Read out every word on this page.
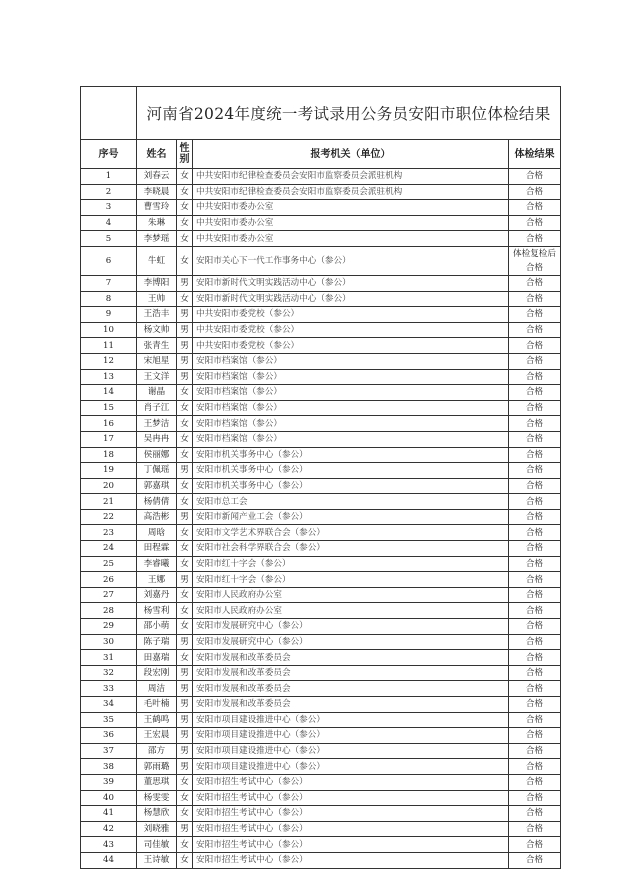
	河南省2024年度统一考试录用公务员安阳市职位体检结果			
序号	姓名	性别	报考机关（单位）	体检结果
1	刘春云	女	中共安阳市纪律检查委员会安阳市监察委员会派驻机构	合格
2	李晓晨	女	中共安阳市纪律检查委员会安阳市监察委员会派驻机构	合格
3	曹雪玲	女	中共安阳市委办公室	合格
4	朱琳	女	中共安阳市委办公室	合格
5	李梦瑶	女	中共安阳市委办公室	合格
6	牛虹	女	安阳市关心下一代工作事务中心（参公）	体检复检后合格
7	李博阳	男	安阳市新时代文明实践活动中心（参公）	合格
8	王帅	女	安阳市新时代文明实践活动中心（参公）	合格
9	王浩丰	男	中共安阳市委党校（参公）	合格
10	杨文帅	男	中共安阳市委党校（参公）	合格
11	张青生	男	中共安阳市委党校（参公）	合格
12	宋旭星	男	安阳市档案馆（参公）	合格
13	王文洋	男	安阳市档案馆（参公）	合格
14	谢晶	女	安阳市档案馆（参公）	合格
15	肖子江	女	安阳市档案馆（参公）	合格
16	王梦洁	女	安阳市档案馆（参公）	合格
17	吴冉冉	女	安阳市档案馆（参公）	合格
18	侯丽娜	女	安阳市机关事务中心（参公）	合格
19	丁佩瑶	男	安阳市机关事务中心（参公）	合格
20	郭嘉琪	女	安阳市机关事务中心（参公）	合格
21	杨倩倩	女	安阳市总工会	合格
22	高浩彬	男	安阳市新闻产业工会（参公）	合格
23	周晗	女	安阳市文学艺术界联合会（参公）	合格
24	田程霖	女	安阳市社会科学界联合会（参公）	合格
25	李睿曦	女	安阳市红十字会（参公）	合格
26	王娜	男	安阳市红十字会（参公）	合格
27	刘嘉丹	女	安阳市人民政府办公室	合格
28	杨雪利	女	安阳市人民政府办公室	合格
29	邵小萌	女	安阳市发展研究中心（参公）	合格
30	陈子瑞	男	安阳市发展研究中心（参公）	合格
31	田嘉瑞	女	安阳市发展和改革委员会	合格
32	段宏刚	男	安阳市发展和改革委员会	合格
33	周洁	男	安阳市发展和改革委员会	合格
34	毛叶楠	男	安阳市发展和改革委员会	合格
35	王鹤鸣	男	安阳市项目建设推进中心（参公）	合格
36	王宏晨	男	安阳市项目建设推进中心（参公）	合格
37	邵方	男	安阳市项目建设推进中心（参公）	合格
38	郭雨璐	男	安阳市项目建设推进中心（参公）	合格
39	董思琪	女	安阳市招生考试中心（参公）	合格
40	杨雯雯	女	安阳市招生考试中心（参公）	合格
41	杨慧欣	女	安阳市招生考试中心（参公）	合格
42	刘晓雅	男	安阳市招生考试中心（参公）	合格
43	司佳敏	女	安阳市招生考试中心（参公）	合格
44	王诗敏	女	安阳市招生考试中心（参公）	合格
